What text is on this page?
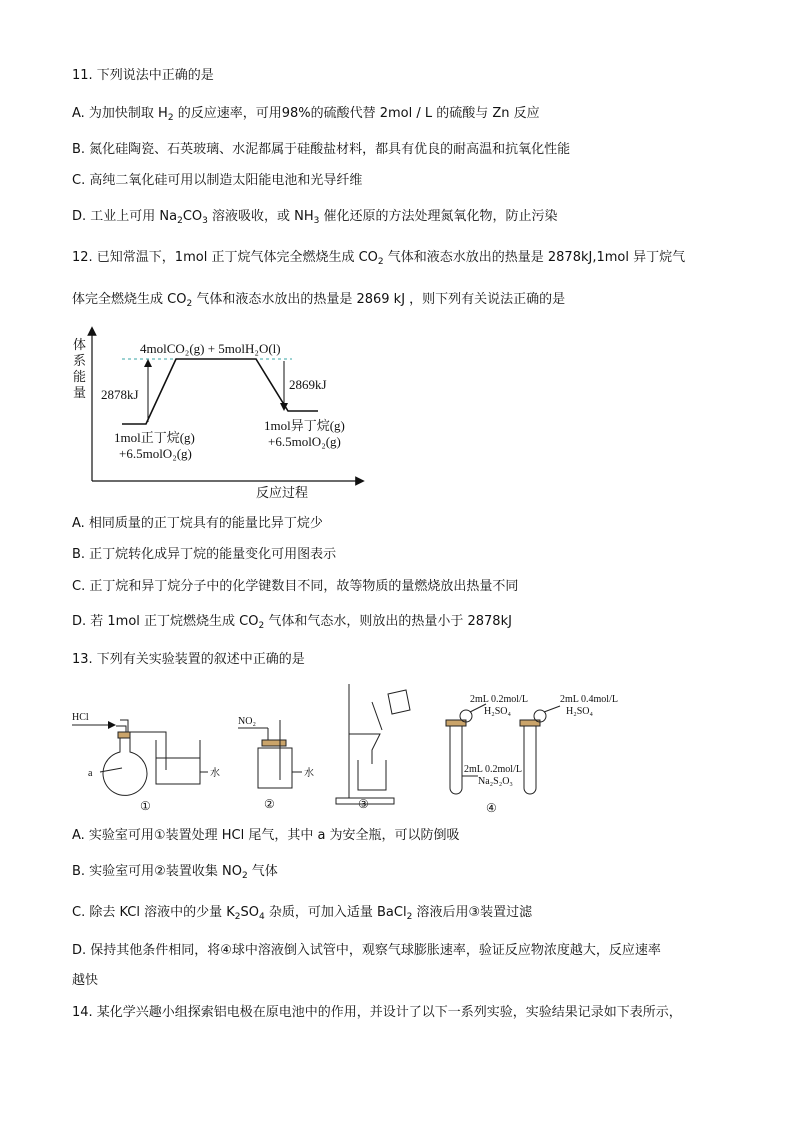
11. 下列说法中正确的是
A. 为加快制取 $H_2$ 的反应速率，可用98%的硫酸代替 2mol / L 的硫酸与 Zn 反应
B. 氮化硅陶瓷、石英玻璃、水泥都属于硅酸盐材料，都具有优良的耐高温和抗氧化性能
C. 高纯二氧化硅可用以制造太阳能电池和光导纤维
D. 工业上可用 $Na_2CO_3$ 溶液吸收，或 $NH_3$ 催化还原的方法处理氮氧化物，防止污染
12. 已知常温下，1mol 正丁烷气体完全燃烧生成 $CO_2$ 气体和液态水放出的热量是 2878kJ,1mol 异丁烷气
体完全燃烧生成 $CO_2$ 气体和液态水放出的热量是 2869 kJ ，则下列有关说法正确的是
体
系
能
量
反应过程
4molCO₂(g) + 5molH₂O(l)
2878kJ
2869kJ
1mol正丁烷(g)
+6.5molO₂(g)
1mol异丁烷(g)
+6.5molO₂(g)
A. 相同质量的正丁烷具有的能量比异丁烷少
B. 正丁烷转化成异丁烷的能量变化可用图表示
C. 正丁烷和异丁烷分子中的化学键数目不同，故等物质的量燃烧放出热量不同
D. 若 1mol 正丁烷燃烧生成 $CO_2$ 气体和气态水，则放出的热量小于 2878kJ
13. 下列有关实验装置的叙述中正确的是
HCl
a	水
NO₂
水
2mL 0.2mol/L
H₂SO₄
2mL 0.4mol/L
H₂SO₄
2mL 0.2mol/L
Na₂S₂O₃
①	②	③	④
A. 实验室可用①装置处理 HCl 尾气，其中 a 为安全瓶，可以防倒吸
B. 实验室可用②装置收集 $NO_2$ 气体
C. 除去 KCl 溶液中的少量 $K_2SO_4$ 杂质，可加入适量 BaCl$_2$ 溶液后用③装置过滤
D. 保持其他条件相同，将④球中溶液倒入试管中，观察气球膨胀速率，验证反应物浓度越大，反应速率
越快
14. 某化学兴趣小组探索铝电极在原电池中的作用，并设计了以下一系列实验，实验结果记录如下表所示，
